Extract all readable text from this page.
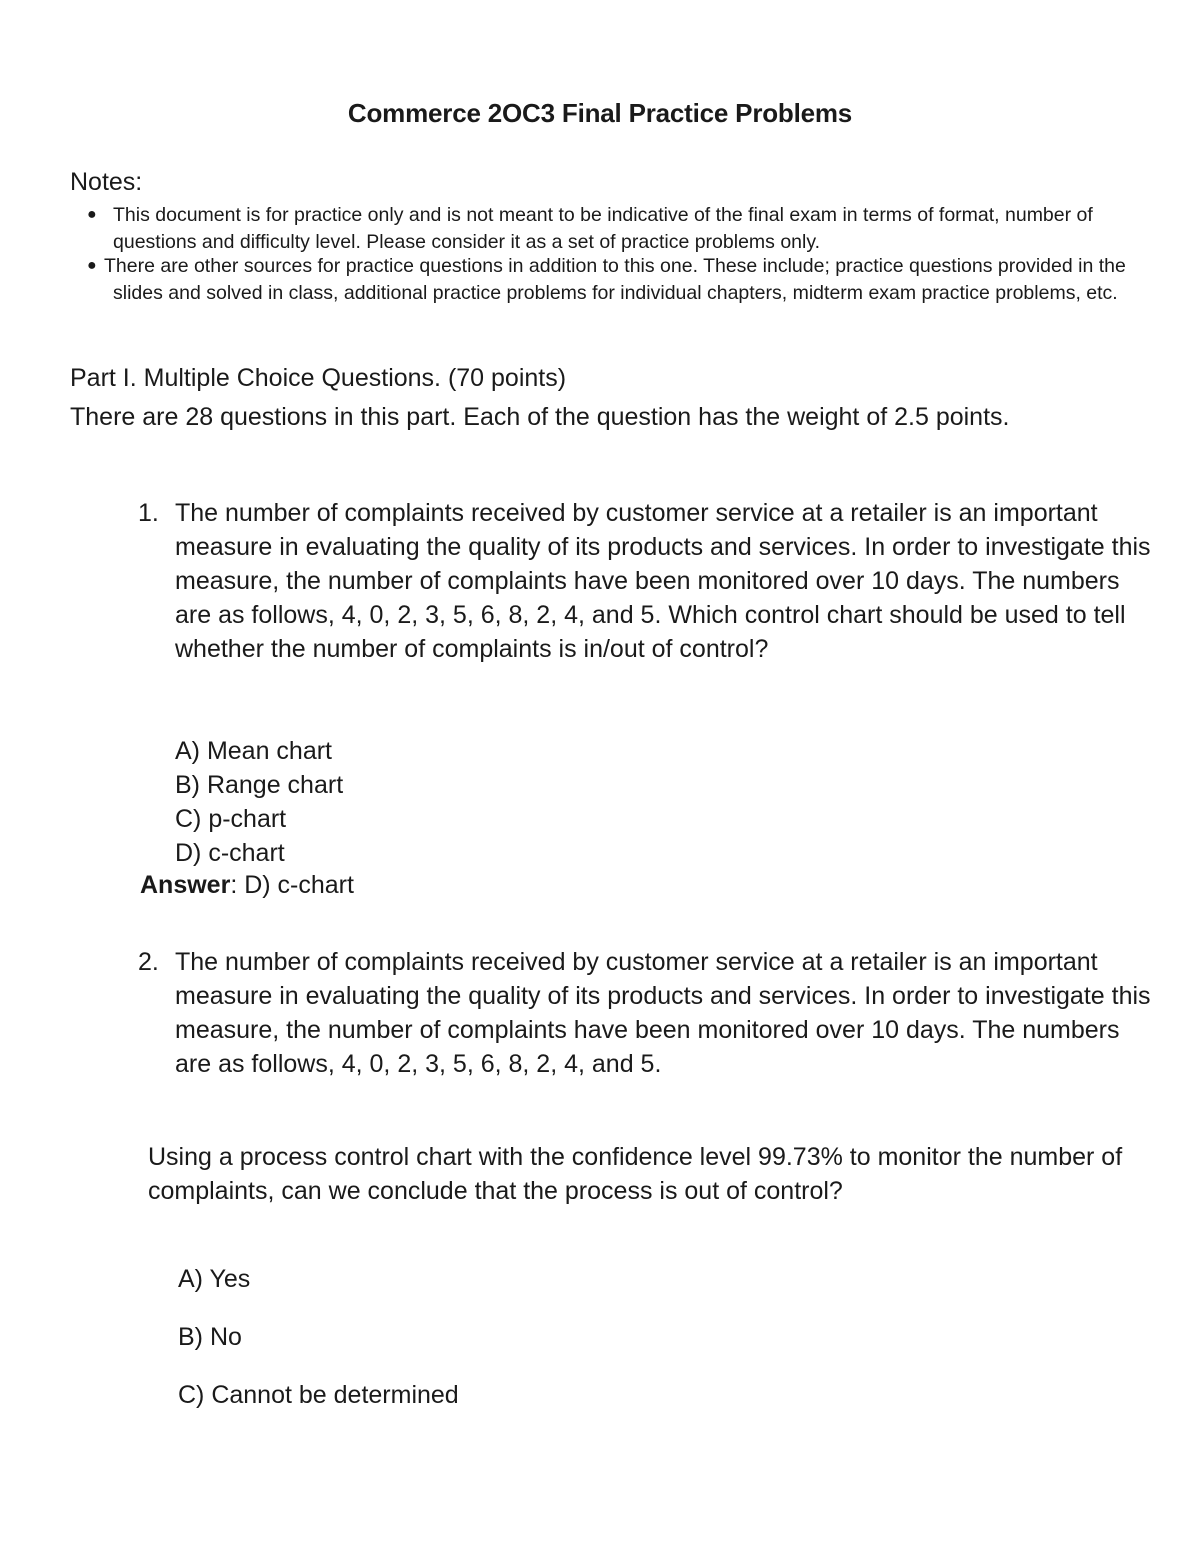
Commerce 2OC3 Final Practice Problems
Notes:
● This document is for practice only and is not meant to be indicative of the final exam in terms of format, number of questions and difficulty level. Please consider it as a set of practice problems only.
● There are other sources for practice questions in addition to this one. These include; practice questions provided in the slides and solved in class, additional practice problems for individual chapters, midterm exam practice problems, etc.
Part I. Multiple Choice Questions. (70 points)
There are 28 questions in this part. Each of the question has the weight of 2.5 points.
1. The number of complaints received by customer service at a retailer is an important measure in evaluating the quality of its products and services. In order to investigate this measure, the number of complaints have been monitored over 10 days. The numbers are as follows, 4, 0, 2, 3, 5, 6, 8, 2, 4, and 5. Which control chart should be used to tell whether the number of complaints is in/out of control?
A) Mean chart
B) Range chart
C) p-chart
D) c-chart
Answer: D) c-chart
2. The number of complaints received by customer service at a retailer is an important measure in evaluating the quality of its products and services. In order to investigate this measure, the number of complaints have been monitored over 10 days. The numbers are as follows, 4, 0, 2, 3, 5, 6, 8, 2, 4, and 5.
Using a process control chart with the confidence level 99.73% to monitor the number of complaints, can we conclude that the process is out of control?
A) Yes
B) No
C) Cannot be determined
